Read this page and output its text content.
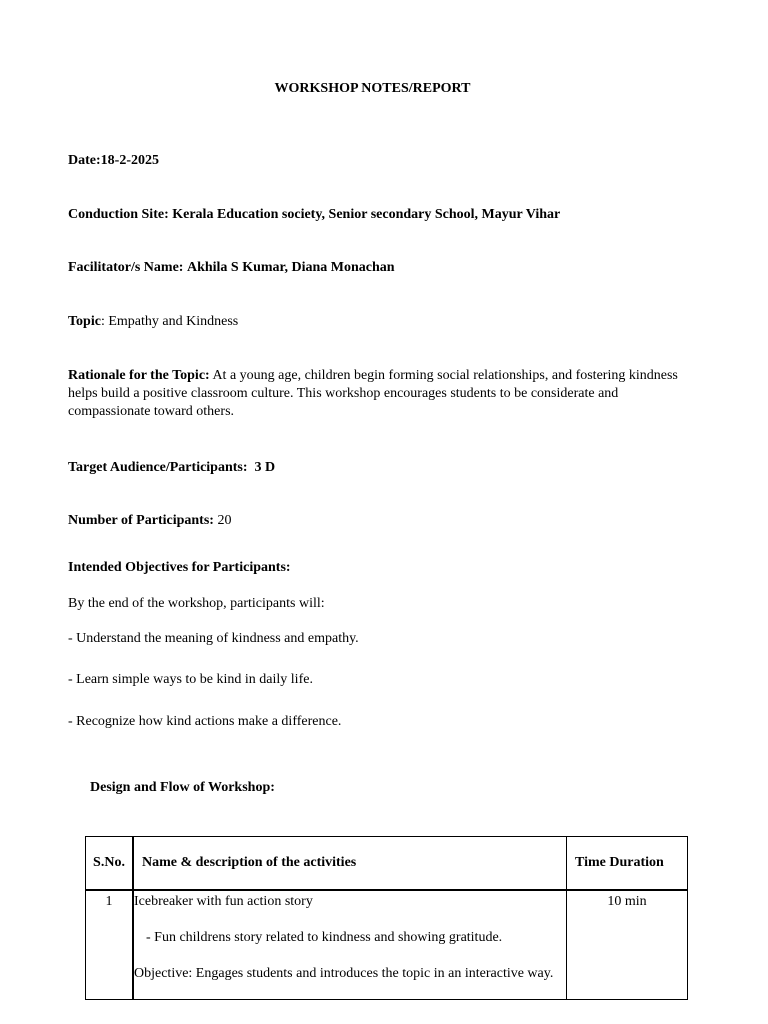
WORKSHOP NOTES/REPORT
Date:18-2-2025
Conduction Site: Kerala Education society, Senior secondary School, Mayur Vihar
Facilitator/s Name: Akhila S Kumar, Diana Monachan
Topic: Empathy and Kindness
Rationale for the Topic: At a young age, children begin forming social relationships, and fostering kindness helps build a positive classroom culture. This workshop encourages students to be considerate and compassionate toward others.
Target Audience/Participants: 3 D
Number of Participants: 20
Intended Objectives for Participants:
By the end of the workshop, participants will:
- Understand the meaning of kindness and empathy.
- Learn simple ways to be kind in daily life.
- Recognize how kind actions make a difference.
Design and Flow of Workshop:
S.No.	Name & description of the activities	Time Duration
1	Icebreaker with fun action story
- Fun childrens story related to kindness and showing gratitude.
Objective: Engages students and introduces the topic in an interactive way.	10 min
